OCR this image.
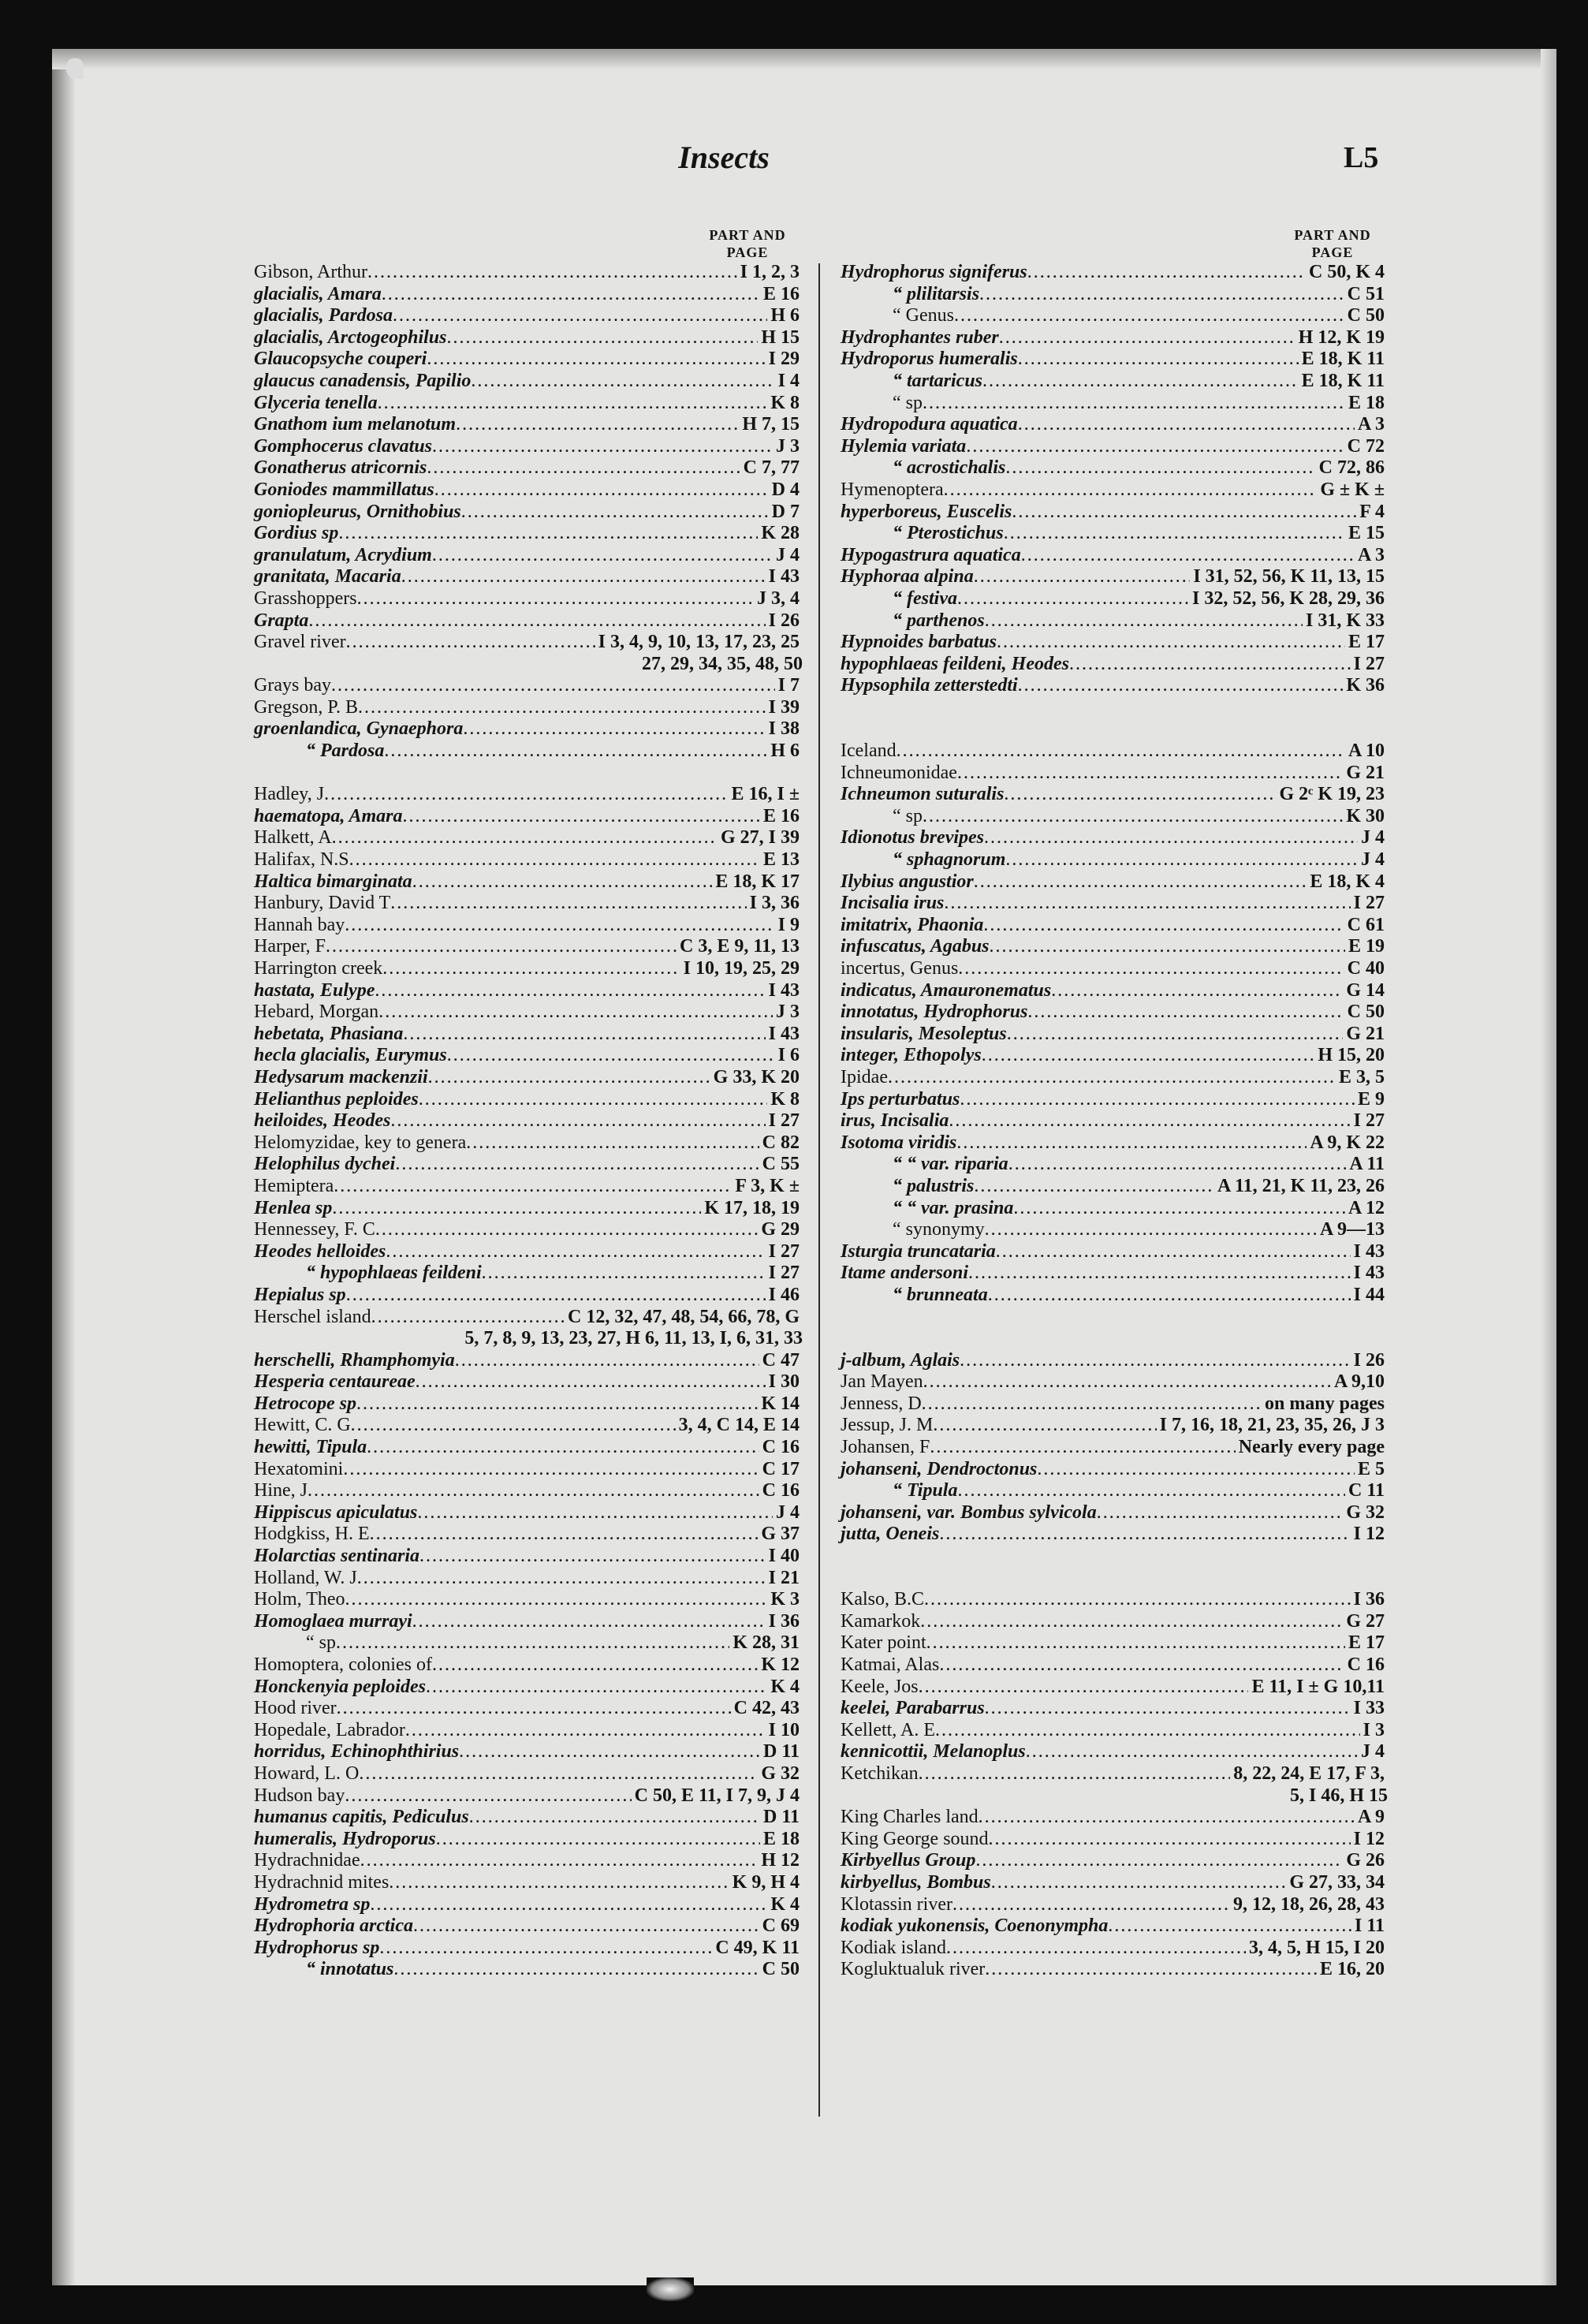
Insects	L5
PART AND
PAGE
Gibson, Arthur .....	I 1, 2, 3
glacialis, Amara .....	E 16
glacialis, Pardosa .....	H 6
glacialis, Arctogeophilus .....	H 15
Glaucopsyche couperi .....	I 29
glaucus canadensis, Papilio .....	I 4
Glyceria tenella .....	K 8
Gnathom ium melanotum .....	H 7, 15
Gomphocerus clavatus .....	J 3
Gonatherus atricornis .....	C 7, 77
Goniodes mammillatus .....	D 4
goniopleurus, Ornithobius .....	D 7
Gordius sp .....	K 28
granulatum, Acrydium .....	J 4
granitata, Macaria .....	I 43
Grasshoppers .....	J 3, 4
Grapta .....	I 26
Gravel river .....	I 3, 4, 9, 10, 13, 17, 23, 25
27, 29, 34, 35, 48, 50
Grays bay .....	I 7
Gregson, P. B .....	I 39
groenlandica, Gynaephora .....	I 38
“ Pardosa .....	H 6
Hadley, J .....	E 16, I ±
haematopa, Amara .....	E 16
Halkett, A .....	G 27, I 39
Halifax, N.S .....	E 13
Haltica bimarginata .....	E 18, K 17
Hanbury, David T .....	I 3, 36
Hannah bay .....	I 9
Harper, F .....	C 3, E 9, 11, 13
Harrington creek .....	I 10, 19, 25, 29
hastata, Eulype .....	I 43
Hebard, Morgan .....	J 3
hebetata, Phasiana .....	I 43
hecla glacialis, Eurymus .....	I 6
Hedysarum mackenzii .....	G 33, K 20
Helianthus peploides .....	K 8
heiloides, Heodes .....	I 27
Helomyzidae, key to genera .....	C 82
Helophilus dychei .....	C 55
Hemiptera .....	F 3, K ±
Henlea sp .....	K 17, 18, 19
Hennessey, F. C .....	G 29
Heodes helloides .....	I 27
“ hypophlaeas feildeni .....	I 27
Hepialus sp .....	I 46
Herschel island .....	C 12, 32, 47, 48, 54, 66, 78, G
5, 7, 8, 9, 13, 23, 27, H 6, 11, 13, I, 6, 31, 33
herschelli, Rhamphomyia .....	C 47
Hesperia centaureae .....	I 30
Hetrocope sp .....	K 14
Hewitt, C. G .....	3, 4, C 14, E 14
hewitti, Tipula .....	C 16
Hexatomini .....	C 17
Hine, J .....	C 16
Hippiscus apiculatus .....	J 4
Hodgkiss, H. E .....	G 37
Holarctias sentinaria .....	I 40
Holland, W. J .....	I 21
Holm, Theo .....	K 3
Homoglaea murrayi .....	I 36
“ sp .....	K 28, 31
Homoptera, colonies of .....	K 12
Honckenyia peploides .....	K 4
Hood river .....	C 42, 43
Hopedale, Labrador .....	I 10
horridus, Echinophthirius .....	D 11
Howard, L. O .....	G 32
Hudson bay .....	C 50, E 11, I 7, 9, J 4
humanus capitis, Pediculus .....	D 11
humeralis, Hydroporus .....	E 18
Hydrachnidae .....	H 12
Hydrachnid mites .....	K 9, H 4
Hydrometra sp .....	K 4
Hydrophoria arctica .....	C 69
Hydrophorus sp .....	C 49, K 11
“ innotatus .....	C 50
PART AND
PAGE
Hydrophorus signiferus .....	C 50, K 4
“ plilitarsis .....	C 51
“ Genus .....	C 50
Hydrophantes ruber .....	H 12, K 19
Hydroporus humeralis .....	E 18, K 11
“ tartaricus .....	E 18, K 11
“ sp .....	E 18
Hydropodura aquatica .....	A 3
Hylemia variata .....	C 72
“ acrostichalis .....	C 72, 86
Hymenoptera .....	G ± K ±
hyperboreus, Euscelis .....	F 4
“ Pterostichus .....	E 15
Hypogastrura aquatica .....	A 3
Hyphoraa alpina .....	I 31, 52, 56, K 11, 13, 15
“ festiva .....	I 32, 52, 56, K 28, 29, 36
“ parthenos .....	I 31, K 33
Hypnoides barbatus .....	E 17
hypophlaeas feildeni, Heodes .....	I 27
Hypsophila zetterstedti .....	K 36
Iceland .....	A 10
Ichneumonidae .....	G 21
Ichneumon suturalis .....	G 2ᶜ K 19, 23
“ sp .....	K 30
Idionotus brevipes .....	J 4
“ sphagnorum .....	J 4
Ilybius angustior .....	E 18, K 4
Incisalia irus .....	I 27
imitatrix, Phaonia .....	C 61
infuscatus, Agabus .....	E 19
incertus, Genus .....	C 40
indicatus, Amauronematus .....	G 14
innotatus, Hydrophorus .....	C 50
insularis, Mesoleptus .....	G 21
integer, Ethopolys .....	H 15, 20
Ipidae .....	E 3, 5
Ips perturbatus .....	E 9
irus, Incisalia .....	I 27
Isotoma viridis .....	A 9, K 22
“ “ var. riparia .....	A 11
“ palustris .....	A 11, 21, K 11, 23, 26
“ “ var. prasina .....	A 12
“ synonymy .....	A 9—13
Isturgia truncataria .....	I 43
Itame andersoni .....	I 43
“ brunneata .....	I 44
j-album, Aglais .....	I 26
Jan Mayen .....	A 9,10
Jenness, D .....	on many pages
Jessup, J. M .....	I 7, 16, 18, 21, 23, 35, 26, J 3
Johansen, F .....	Nearly every page
johanseni, Dendroctonus .....	E 5
“ Tipula .....	C 11
johanseni, var. Bombus sylvicola .....	G 32
jutta, Oeneis .....	I 12
Kalso, B.C .....	I 36
Kamarkok .....	G 27
Kater point .....	E 17
Katmai, Alas .....	C 16
Keele, Jos .....	E 11, I ± G 10,11
keelei, Parabarrus .....	I 33
Kellett, A. E .....	I 3
kennicottii, Melanoplus .....	J 4
Ketchikan .....	8, 22, 24, E 17, F 3,
5, I 46, H 15
King Charles land .....	A 9
King George sound .....	I 12
Kirbyellus Group .....	G 26
kirbyellus, Bombus .....	G 27, 33, 34
Klotassin river .....	9, 12, 18, 26, 28, 43
kodiak yukonensis, Coenonympha .....	I 11
Kodiak island .....	3, 4, 5, H 15, I 20
Kogluktualuk river .....	E 16, 20
